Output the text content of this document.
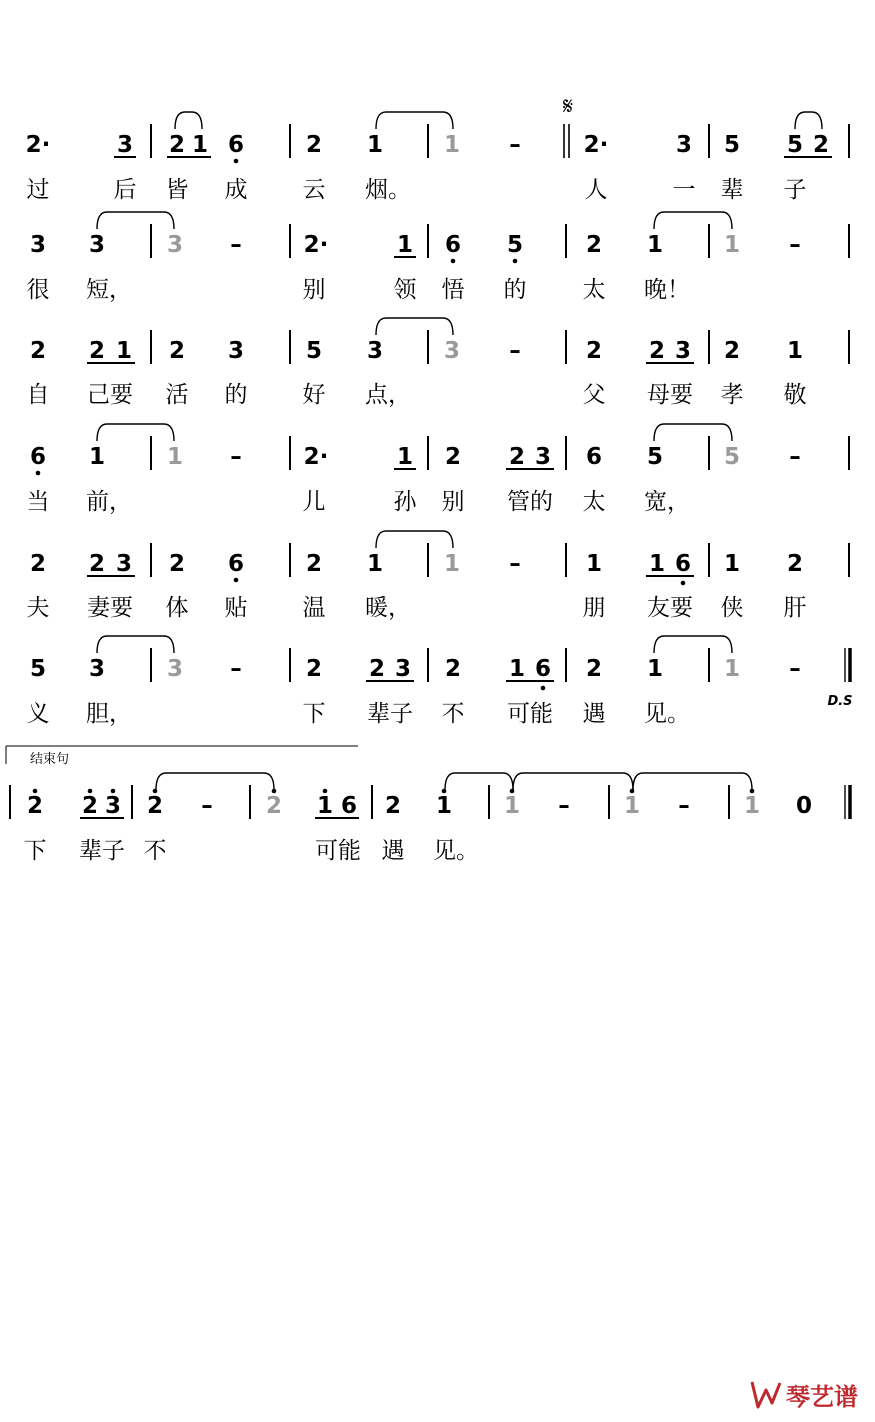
2·	3 2 1 6	2 1	1 –	2·	3 5 5 2
过	后 皆 成 云 烟。	人	一 辈 子
3 3	3 –	2·	1 6 5	2 1	1 –
很 短，	别	领 悟 的 太 晚！
2 2 1 2 3	5 3	3 –	2 2 3 2 1
自 己要 活 的 好 点，	父 母要 孝 敬
6 1	1 –	2·	1 2 2 3 6 5	5 –
当 前，	儿	孙 别 管的 太 宽，
2 2 3 2 6	2 1	1 –	1 1 6 1 2
夫 妻要 体 贴 温 暖，	朋 友要 侠 肝
5 3	3 –	2 2 3 2 1 6 2 1	1 –
义 胆，	下 辈子 不 可能 遇 见。
2 2 3 2 – 2 1 6 2 1 1 – 1 – 1 0
下 辈子 不	可能 遇 见。
𝄋
D.S
结束句
琴艺谱
